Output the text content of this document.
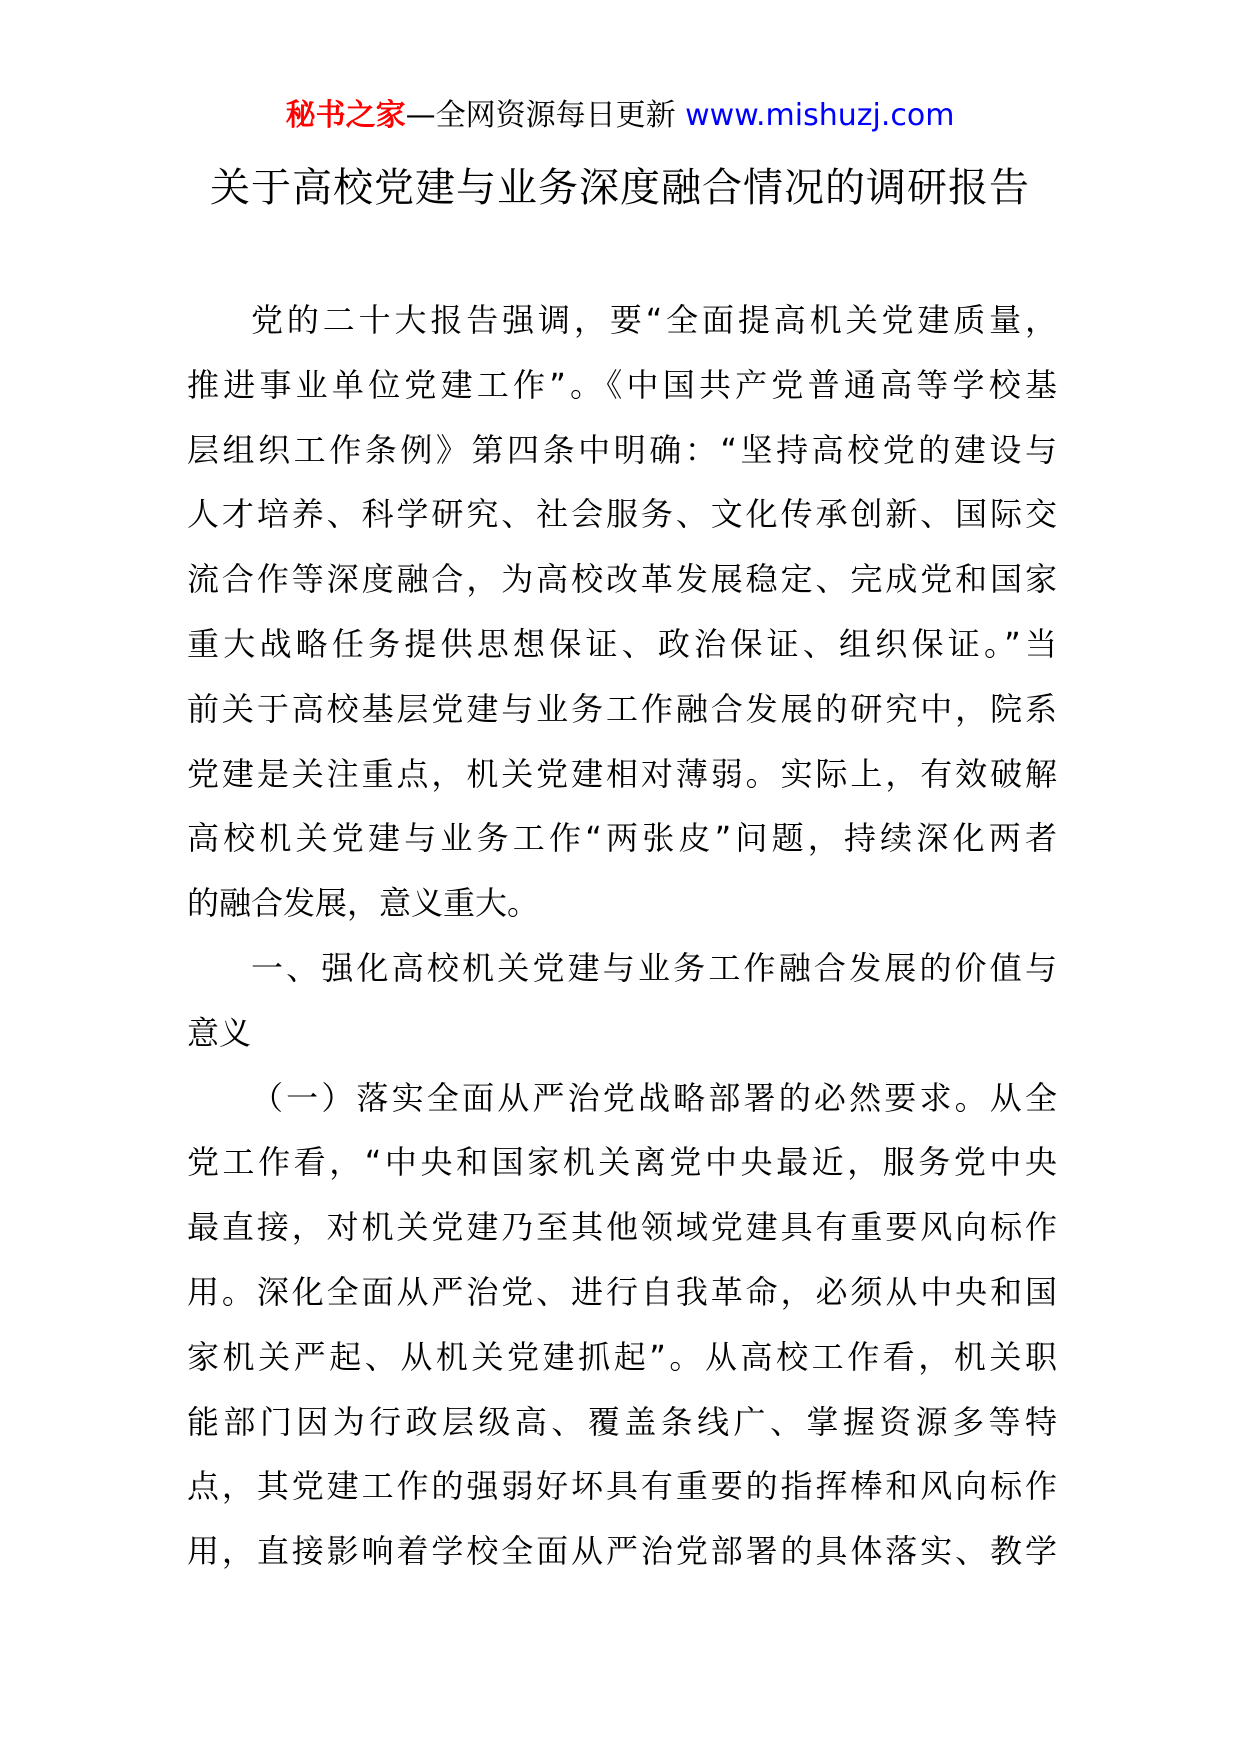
秘书之家—全网资源每日更新 www.mishuzj.com
关于高校党建与业务深度融合情况的调研报告
党的二十大报告强调，要“全面提高机关党建质量，
推进事业单位党建工作”。《中国共产党普通高等学校基
层组织工作条例》第四条中明确：“坚持高校党的建设与
人才培养、科学研究、社会服务、文化传承创新、国际交
流合作等深度融合，为高校改革发展稳定、完成党和国家
重大战略任务提供思想保证、政治保证、组织保证。”当
前关于高校基层党建与业务工作融合发展的研究中，院系
党建是关注重点，机关党建相对薄弱。实际上，有效破解
高校机关党建与业务工作“两张皮”问题，持续深化两者
的融合发展，意义重大。
一、强化高校机关党建与业务工作融合发展的价值与
意义
（一）落实全面从严治党战略部署的必然要求。从全
党工作看，“中央和国家机关离党中央最近，服务党中央
最直接，对机关党建乃至其他领域党建具有重要风向标作
用。深化全面从严治党、进行自我革命，必须从中央和国
家机关严起、从机关党建抓起”。从高校工作看，机关职
能部门因为行政层级高、覆盖条线广、掌握资源多等特
点，其党建工作的强弱好坏具有重要的指挥棒和风向标作
用，直接影响着学校全面从严治党部署的具体落实、教学
